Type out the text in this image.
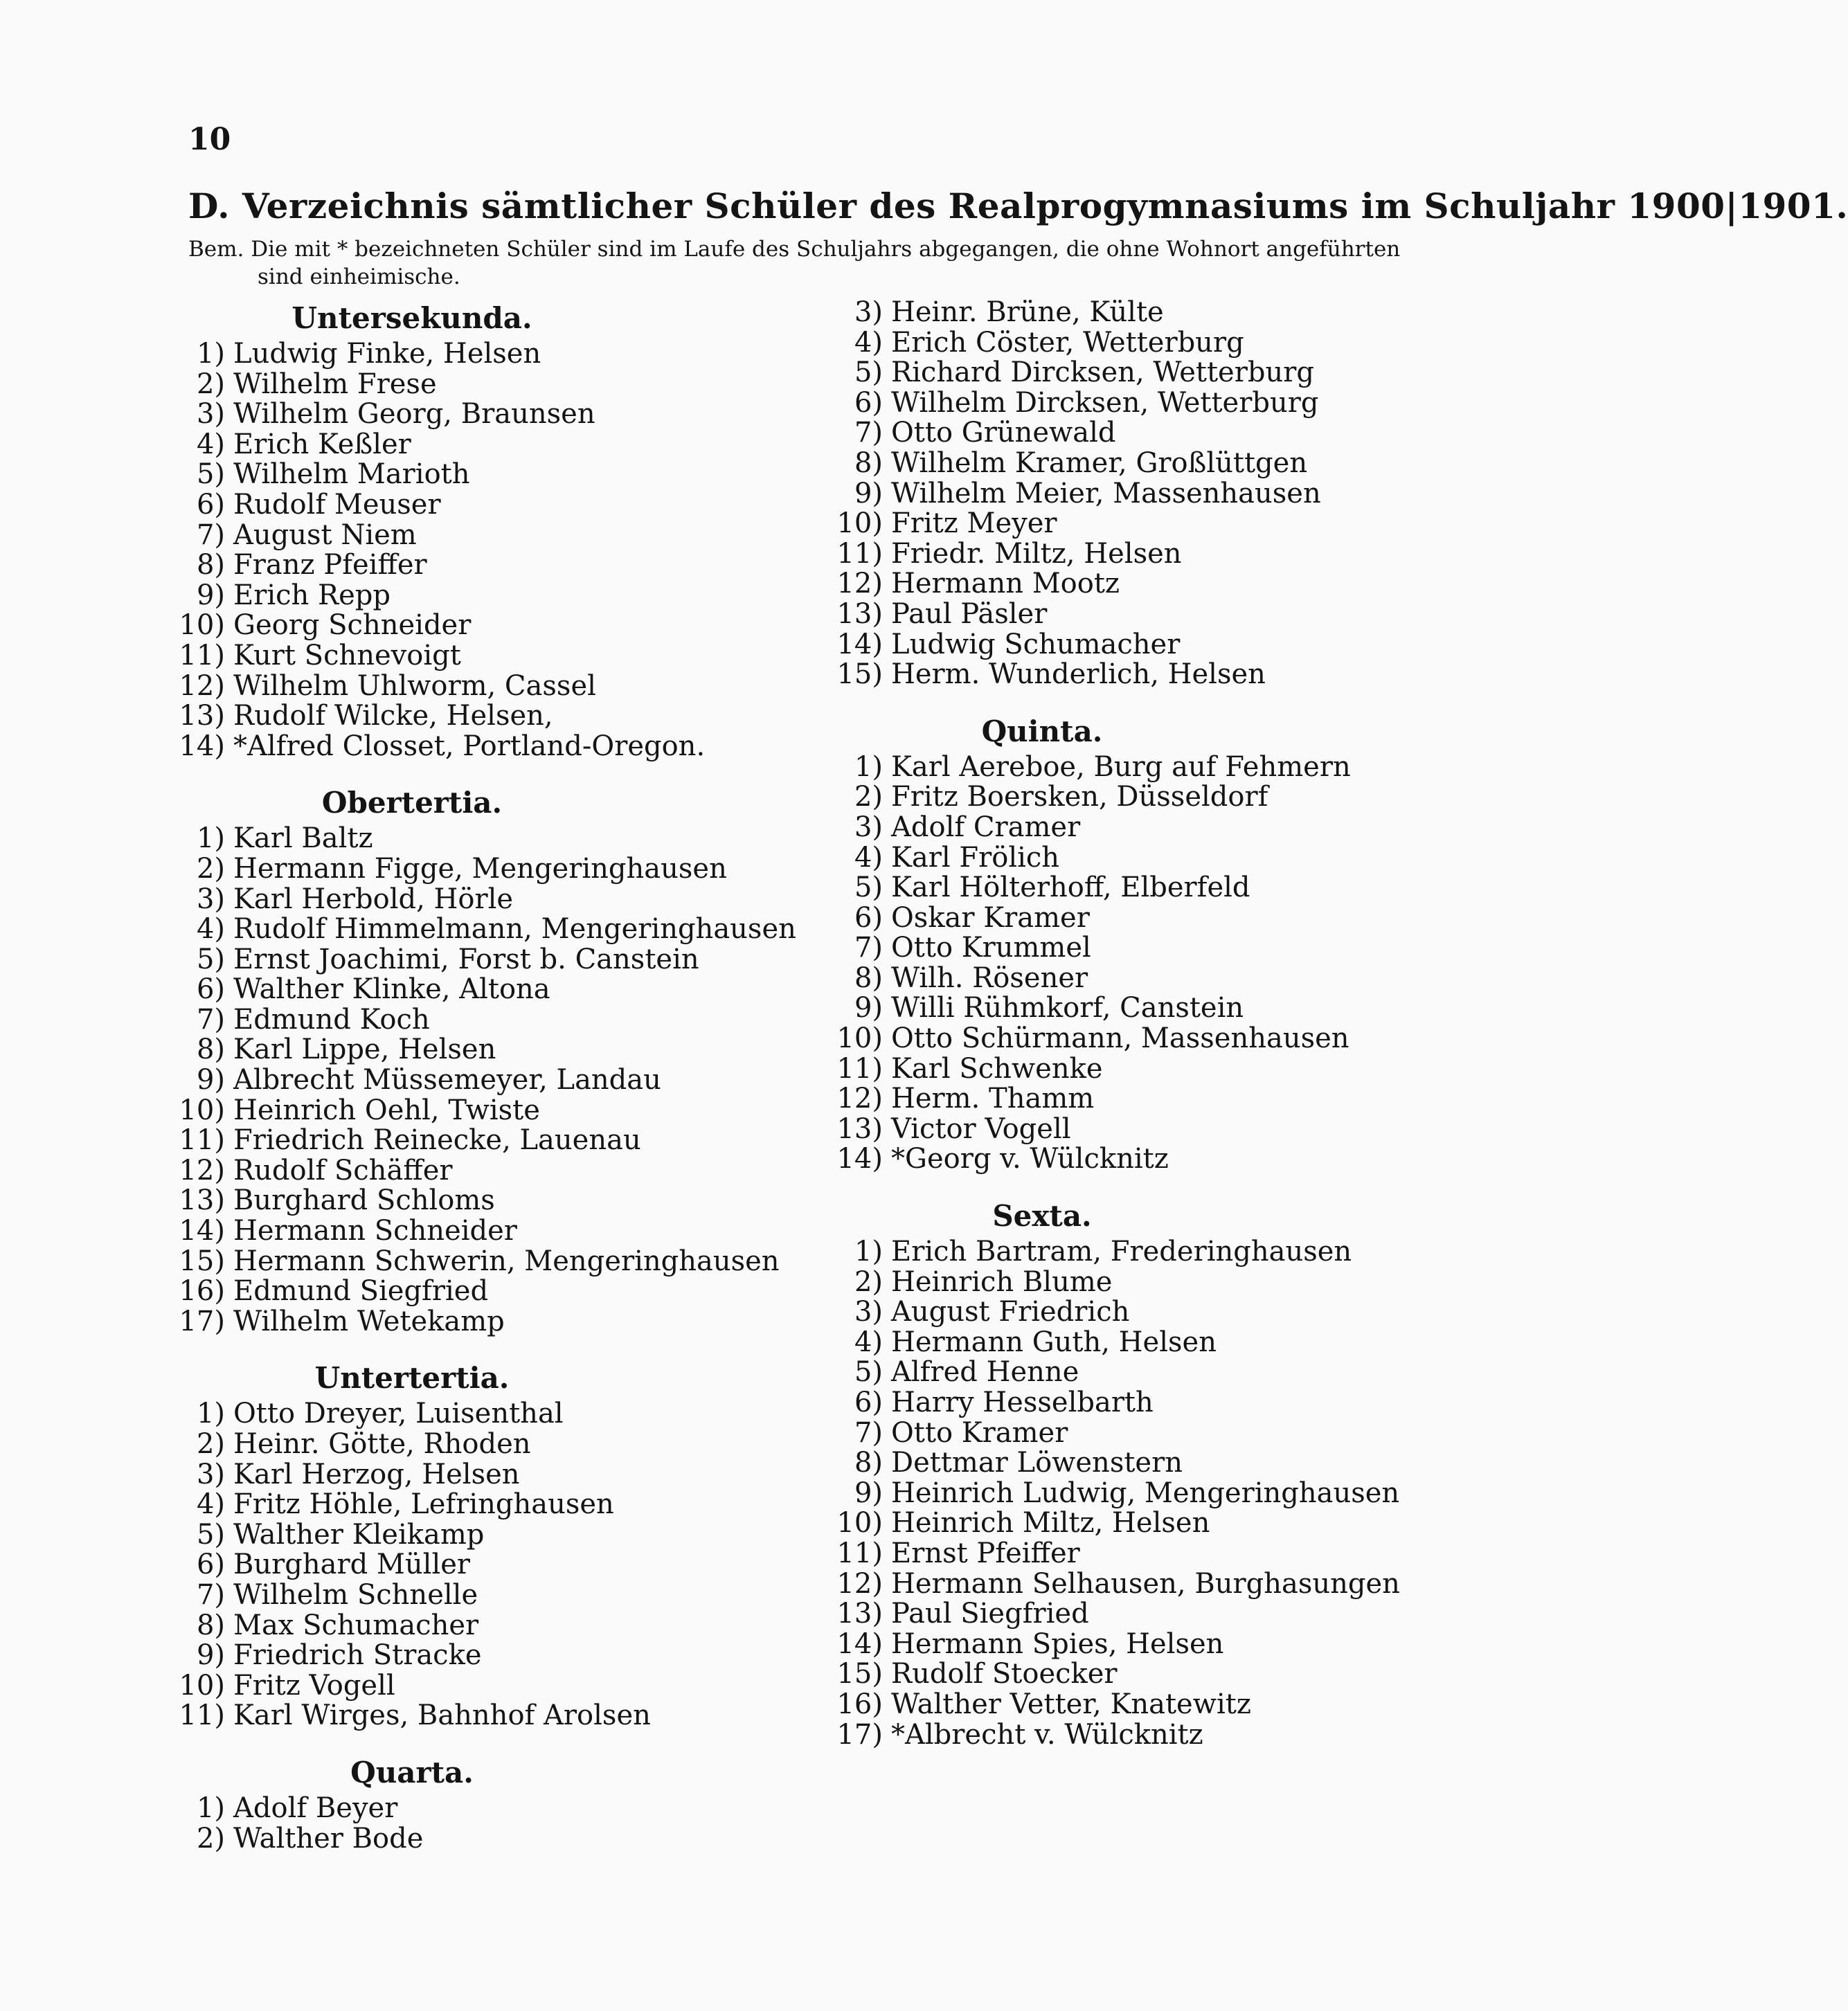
10
D. Verzeichnis sämtlicher Schüler des Realprogymnasiums im Schuljahr 1900|1901.
Bem. Die mit * bezeichneten Schüler sind im Laufe des Schuljahrs abgegangen, die ohne Wohnort angeführten
sind einheimische.
Untersekunda.
1) Ludwig Finke, Helsen
2) Wilhelm Frese
3) Wilhelm Georg, Braunsen
4) Erich Keßler
5) Wilhelm Marioth
6) Rudolf Meuser
7) August Niem
8) Franz Pfeiffer
9) Erich Repp
10) Georg Schneider
11) Kurt Schnevoigt
12) Wilhelm Uhlworm, Cassel
13) Rudolf Wilcke, Helsen,
14) *Alfred Closset, Portland-Oregon.
Obertertia.
1) Karl Baltz
2) Hermann Figge, Mengeringhausen
3) Karl Herbold, Hörle
4) Rudolf Himmelmann, Mengeringhausen
5) Ernst Joachimi, Forst b. Canstein
6) Walther Klinke, Altona
7) Edmund Koch
8) Karl Lippe, Helsen
9) Albrecht Müssemeyer, Landau
10) Heinrich Oehl, Twiste
11) Friedrich Reinecke, Lauenau
12) Rudolf Schäffer
13) Burghard Schloms
14) Hermann Schneider
15) Hermann Schwerin, Mengeringhausen
16) Edmund Siegfried
17) Wilhelm Wetekamp
Untertertia.
1) Otto Dreyer, Luisenthal
2) Heinr. Götte, Rhoden
3) Karl Herzog, Helsen
4) Fritz Höhle, Lefringhausen
5) Walther Kleikamp
6) Burghard Müller
7) Wilhelm Schnelle
8) Max Schumacher
9) Friedrich Stracke
10) Fritz Vogell
11) Karl Wirges, Bahnhof Arolsen
Quarta.
1) Adolf Beyer
2) Walther Bode
3) Heinr. Brüne, Külte
4) Erich Cöster, Wetterburg
5) Richard Dircksen, Wetterburg
6) Wilhelm Dircksen, Wetterburg
7) Otto Grünewald
8) Wilhelm Kramer, Großlüttgen
9) Wilhelm Meier, Massenhausen
10) Fritz Meyer
11) Friedr. Miltz, Helsen
12) Hermann Mootz
13) Paul Päsler
14) Ludwig Schumacher
15) Herm. Wunderlich, Helsen
Quinta.
1) Karl Aereboe, Burg auf Fehmern
2) Fritz Boersken, Düsseldorf
3) Adolf Cramer
4) Karl Frölich
5) Karl Hölterhoff, Elberfeld
6) Oskar Kramer
7) Otto Krummel
8) Wilh. Rösener
9) Willi Rühmkorf, Canstein
10) Otto Schürmann, Massenhausen
11) Karl Schwenke
12) Herm. Thamm
13) Victor Vogell
14) *Georg v. Wülcknitz
Sexta.
1) Erich Bartram, Frederinghausen
2) Heinrich Blume
3) August Friedrich
4) Hermann Guth, Helsen
5) Alfred Henne
6) Harry Hesselbarth
7) Otto Kramer
8) Dettmar Löwenstern
9) Heinrich Ludwig, Mengeringhausen
10) Heinrich Miltz, Helsen
11) Ernst Pfeiffer
12) Hermann Selhausen, Burghasungen
13) Paul Siegfried
14) Hermann Spies, Helsen
15) Rudolf Stoecker
16) Walther Vetter, Knatewitz
17) *Albrecht v. Wülcknitz
